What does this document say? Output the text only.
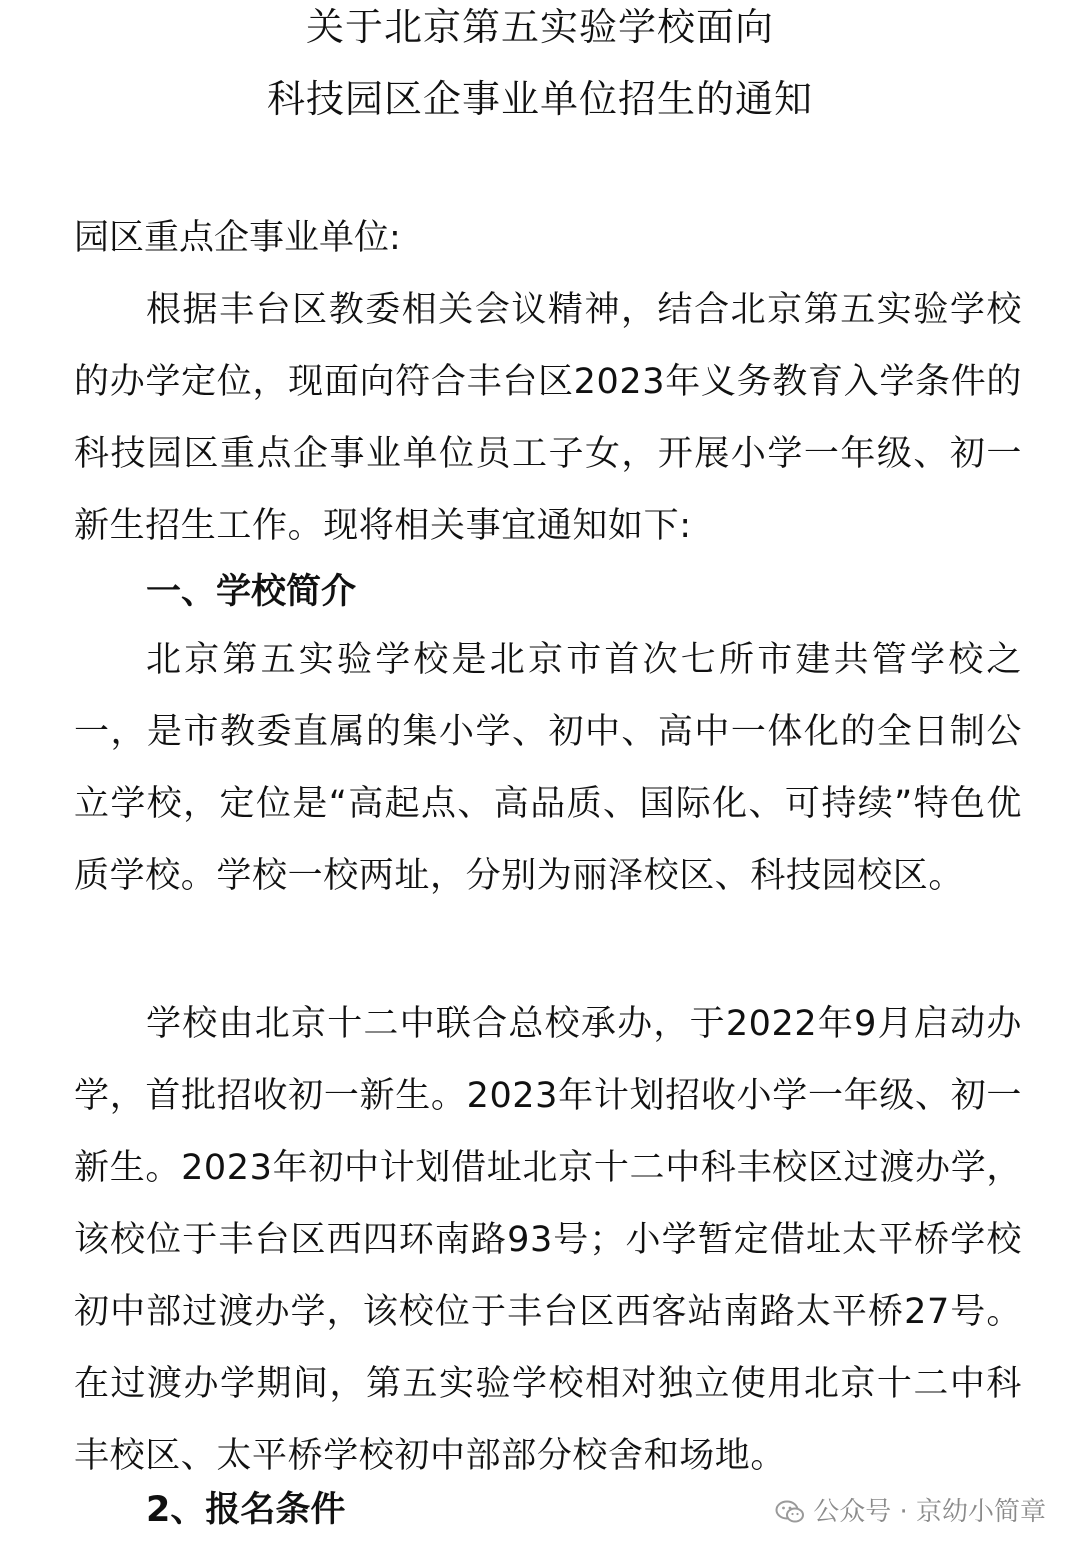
关于北京第五实验学校面向
科技园区企事业单位招生的通知
园区重点企事业单位:

根据丰台区教委相关会议精神，结合北京第五实验学校的办学定位，现面向符合丰台区2023年义务教育入学条件的科技园区重点企事业单位员工子女，开展小学一年级、初一新生招生工作。现将相关事宜通知如下:

一、学校简介

北京第五实验学校是北京市首次七所市建共管学校之一，是市教委直属的集小学、初中、高中一体化的全日制公立学校，定位是“高起点、高品质、国际化、可持续”特色优质学校。学校一校两址，分别为丽泽校区、科技园校区。

学校由北京十二中联合总校承办，于2022年9月启动办学，首批招收初一新生。2023年计划招收小学一年级、初一新生。2023年初中计划借址北京十二中科丰校区过渡办学，该校位于丰台区西四环南路93号；小学暂定借址太平桥学校初中部过渡办学，该校位于丰台区西客站南路太平桥27号。在过渡办学期间，第五实验学校相对独立使用北京十二中科丰校区、太平桥学校初中部部分校舍和场地。

2、报名条件	公众号 · 京幼小简章
